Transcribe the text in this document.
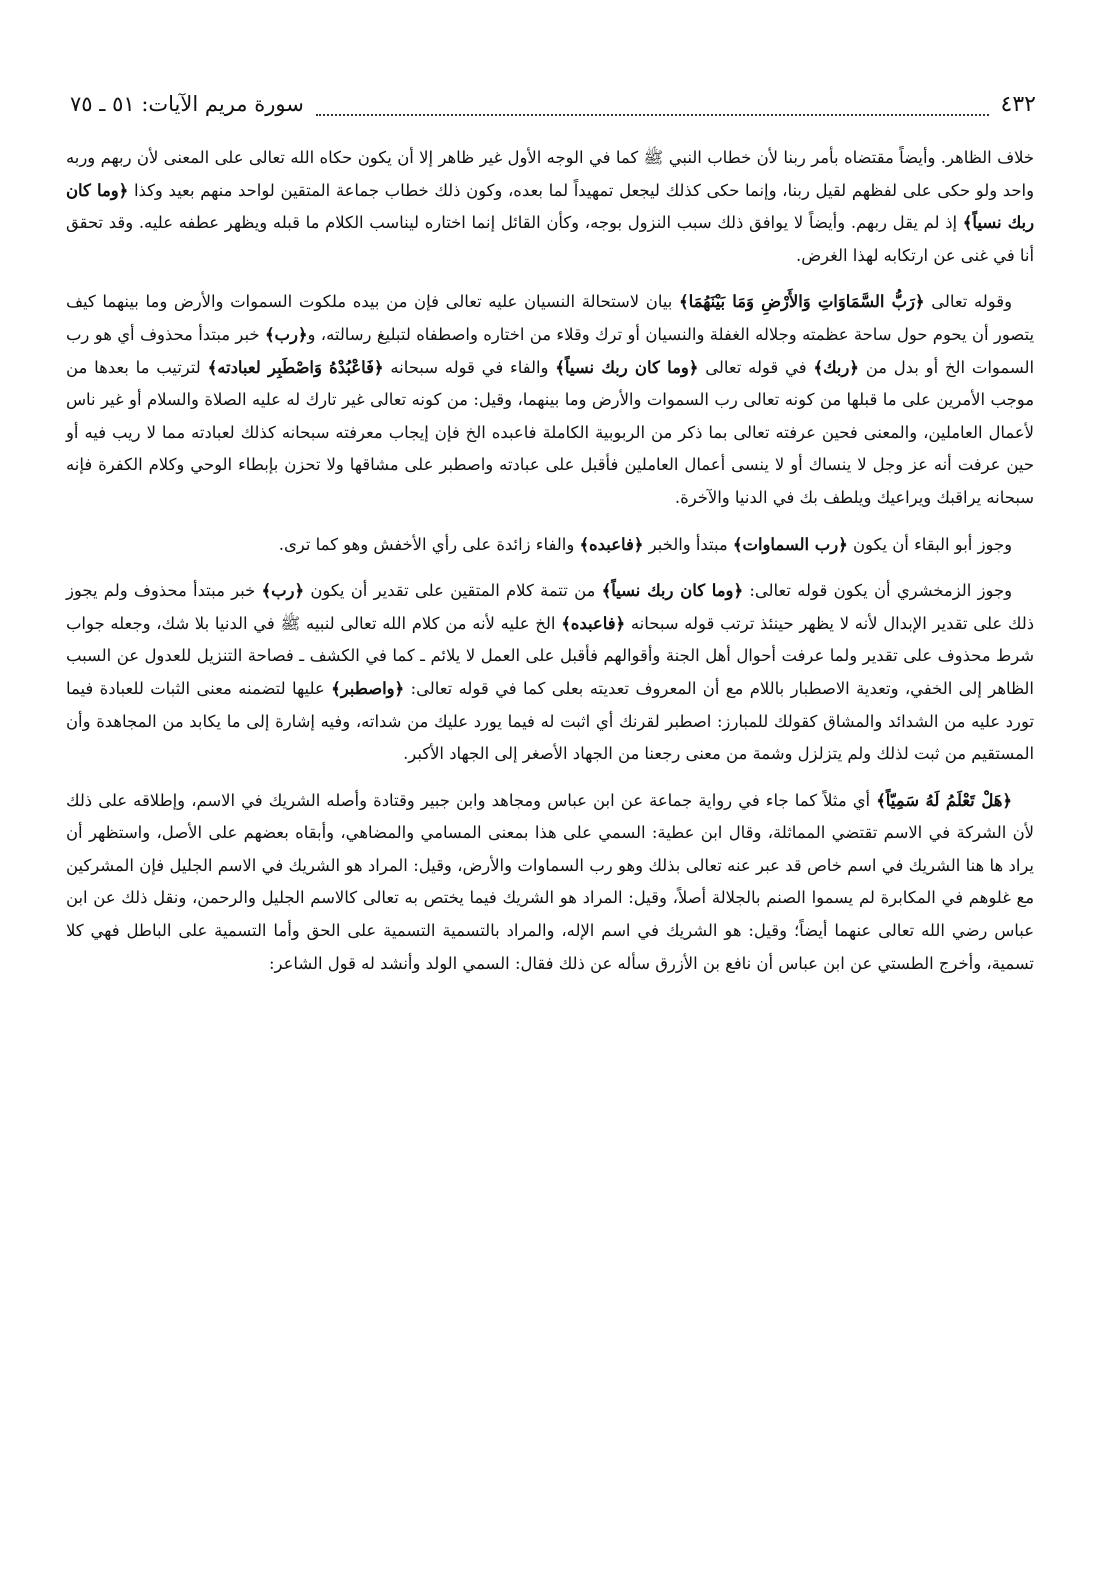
٤٣٢
سورة مريم الآيات: ٥١ ـ ٧٥

خلاف الظاهر. وأيضاً مقتضاه بأمر ربنا لأن خطاب النبي ﷺ كما في الوجه الأول غير ظاهر إلا أن يكون حكاه الله تعالى على المعنى لأن ربهم وربه واحد ولو حكى على لفظهم لقيل ربنا، وإنما حكى كذلك ليجعل تمهيداً لما بعده، وكون ذلك خطاب جماعة المتقين لواحد منهم بعيد وكذا ﴿وما كان ربك نسياً﴾ إذ لم يقل ربهم. وأيضاً لا يوافق ذلك سبب النزول بوجه، وكأن القائل إنما اختاره ليناسب الكلام ما قبله ويظهر عطفه عليه. وقد تحقق أنا في غنى عن ارتكابه لهذا الغرض.

وقوله تعالى ﴿رَبُّ السَّمَاوَاتِ وَالأَرْضِ وَمَا بَيْنَهُمَا﴾ بيان لاستحالة النسيان عليه تعالى فإن من بيده ملكوت السموات والأرض وما بينهما كيف يتصور أن يحوم حول ساحة عظمته وجلاله الغفلة والنسيان أو ترك وقلاء من اختاره واصطفاه لتبليغ رسالته، و﴿رب﴾ خبر مبتدأ محذوف أي هو رب السموات الخ أو بدل من ﴿ربك﴾ في قوله تعالى ﴿وما كان ربك نسياً﴾ والفاء في قوله سبحانه ﴿فَاعْبُدْهُ وَاصْطَبِر لعبادته﴾ لترتيب ما بعدها من موجب الأمرين على ما قبلها من كونه تعالى رب السموات والأرض وما بينهما، وقيل: من كونه تعالى غير تارك له عليه الصلاة والسلام أو غير ناس لأعمال العاملين، والمعنى فحين عرفته تعالى بما ذكر من الربوبية الكاملة فاعبده الخ فإن إيجاب معرفته سبحانه كذلك لعبادته مما لا ريب فيه أو حين عرفت أنه عز وجل لا ينساك أو لا ينسى أعمال العاملين فأقبل على عبادته واصطبر على مشاقها ولا تحزن بإبطاء الوحي وكلام الكفرة فإنه سبحانه يراقبك ويراعيك ويلطف بك في الدنيا والآخرة.

وجوز أبو البقاء أن يكون ﴿رب السماوات﴾ مبتدأ والخبر ﴿فاعبده﴾ والفاء زائدة على رأي الأخفش وهو كما ترى.

وجوز الزمخشري أن يكون قوله تعالى: ﴿وما كان ربك نسياً﴾ من تتمة كلام المتقين على تقدير أن يكون ﴿رب﴾ خبر مبتدأ محذوف ولم يجوز ذلك على تقدير الإبدال لأنه لا يظهر حينئذ ترتب قوله سبحانه ﴿فاعبده﴾ الخ عليه لأنه من كلام الله تعالى لنبيه ﷺ في الدنيا بلا شك، وجعله جواب شرط محذوف على تقدير ولما عرفت أحوال أهل الجنة وأقوالهم فأقبل على العمل لا يلائم ـ كما في الكشف ـ فصاحة التنزيل للعدول عن السبب الظاهر إلى الخفي، وتعدية الاصطبار باللام مع أن المعروف تعديته بعلى كما في قوله تعالى: ﴿واصطبر﴾ عليها لتضمنه معنى الثبات للعبادة فيما تورد عليه من الشدائد والمشاق كقولك للمبارز: اصطبر لقرنك أي اثبت له فيما يورد عليك من شداته، وفيه إشارة إلى ما يكابد من المجاهدة وأن المستقيم من ثبت لذلك ولم يتزلزل وشمة من معنى رجعنا من الجهاد الأصغر إلى الجهاد الأكبر.

﴿هَلْ تَعْلَمُ لَهُ سَمِيّاً﴾ أي مثلاً كما جاء في رواية جماعة عن ابن عباس ومجاهد وابن جبير وقتادة وأصله الشريك في الاسم، وإطلاقه على ذلك لأن الشركة في الاسم تقتضي المماثلة، وقال ابن عطية: السمي على هذا بمعنى المسامي والمضاهي، وأبقاه بعضهم على الأصل، واستظهر أن يراد ها هنا الشريك في اسم خاص قد عبر عنه تعالى بذلك وهو رب السماوات والأرض، وقيل: المراد هو الشريك في الاسم الجليل فإن المشركين مع غلوهم في المكابرة لم يسموا الصنم بالجلالة أصلاً، وقيل: المراد هو الشريك فيما يختص به تعالى كالاسم الجليل والرحمن، ونقل ذلك عن ابن عباس رضي الله تعالى عنهما أيضاً؛ وقيل: هو الشريك في اسم الإله، والمراد بالتسمية التسمية على الحق وأما التسمية على الباطل فهي كلا تسمية، وأخرج الطستي عن ابن عباس أن نافع بن الأزرق سأله عن ذلك فقال: السمي الولد وأنشد له قول الشاعر:
